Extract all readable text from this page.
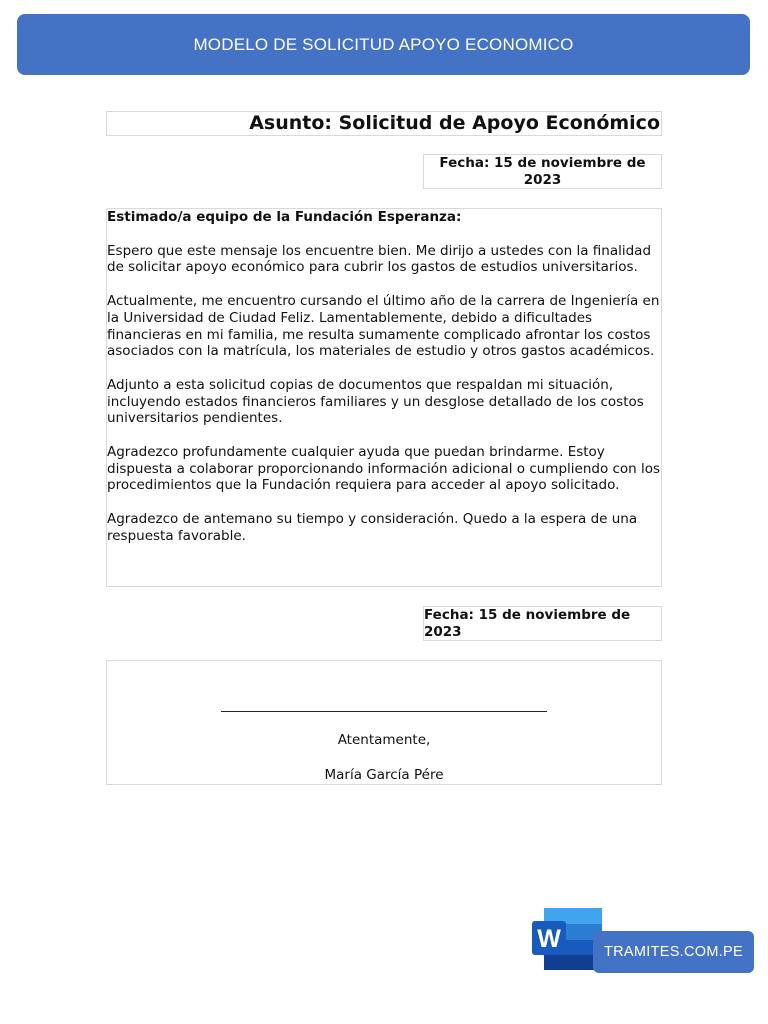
MODELO DE SOLICITUD APOYO ECONOMICO
Asunto: Solicitud de Apoyo Económico
Fecha: 15 de noviembre de 2023

Estimado/a equipo de la Fundación Esperanza:

Espero que este mensaje los encuentre bien. Me dirijo a ustedes con la finalidad de solicitar apoyo económico para cubrir los gastos de estudios universitarios.

Actualmente, me encuentro cursando el último año de la carrera de Ingeniería en la Universidad de Ciudad Feliz. Lamentablemente, debido a dificultades financieras en mi familia, me resulta sumamente complicado afrontar los costos asociados con la matrícula, los materiales de estudio y otros gastos académicos.

Adjunto a esta solicitud copias de documentos que respaldan mi situación, incluyendo estados financieros familiares y un desglose detallado de los costos universitarios pendientes.

Agradezco profundamente cualquier ayuda que puedan brindarme. Estoy dispuesta a colaborar proporcionando información adicional o cumpliendo con los procedimientos que la Fundación requiera para acceder al apoyo solicitado.

Agradezco de antemano su tiempo y consideración. Quedo a la espera de una respuesta favorable.

Fecha: 15 de noviembre de 2023
Atentamente,
María García Pére
W	TRAMITES.COM.PE
